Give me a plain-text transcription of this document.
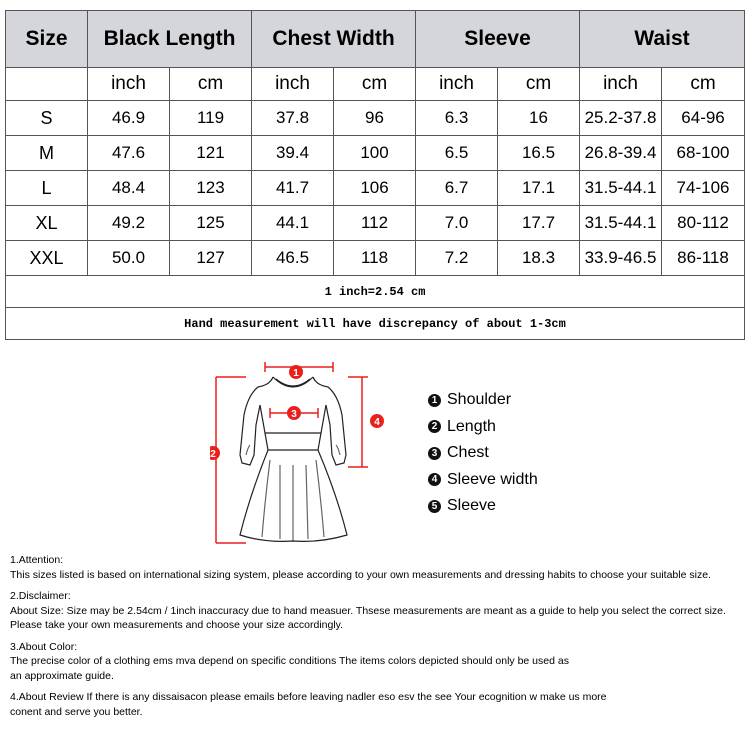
Size	Black Length		Chest Width		Sleeve		Waist	
	inch	cm	inch	cm	inch	cm	inch	cm
S	46.9	119	37.8	96	6.3	16	25.2-37.8	64-96
M	47.6	121	39.4	100	6.5	16.5	26.8-39.4	68-100
L	48.4	123	41.7	106	6.7	17.1	31.5-44.1	74-106
XL	49.2	125	44.1	112	7.0	17.7	31.5-44.1	80-112
XXL	50.0	127	46.5	118	7.2	18.3	33.9-46.5	86-118
1 inch=2.54 cm								
Hand measurement will have discrepancy of about 1-3cm								
1
2
3
4
1 Shoulder
2 Length
3 Chest
4 Sleeve width
5 Sleeve

1.Attention:

This sizes listed is based on international sizing system, please according to your own measurements and dressing habits to choose your suitable size.

2.Disclaimer:

About Size: Size may be 2.54cm / 1inch inaccuracy due to hand measuer. Thsese measurements are meant as a guide to help you select the correct size.

Please take your own measurements and choose your size accordingly.

3.About Color:

The precise color of a clothing ems mva depend on specific conditions The items colors depicted should only be used as

an approximate guide.

4.About Review If there is any dissaisacon please emails before leaving nadler eso esv the see Your ecognition w make us more

conent and serve you better.
